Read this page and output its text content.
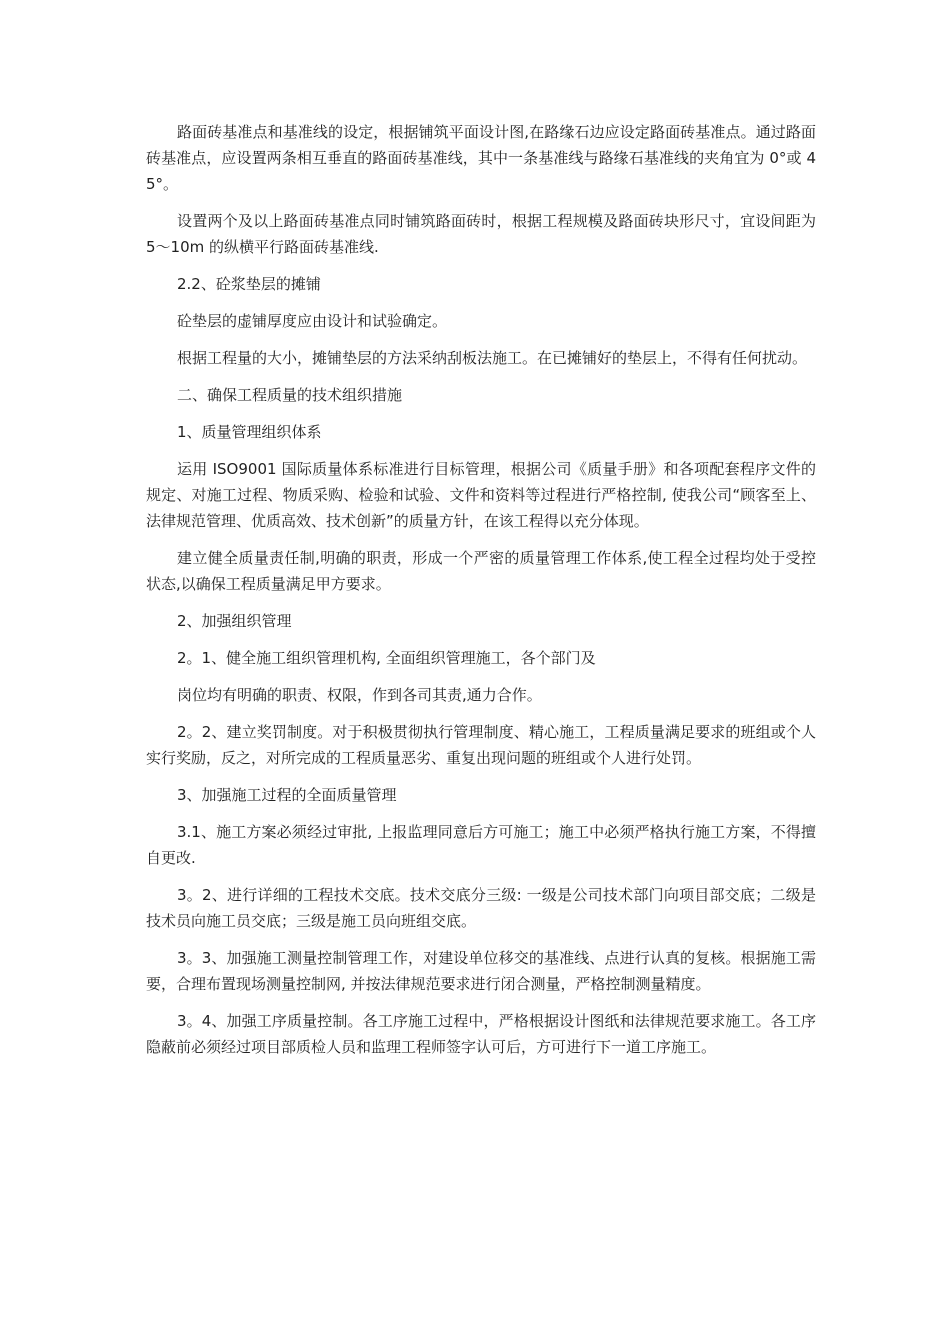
路面砖基准点和基准线的设定，根据铺筑平面设计图,在路缘石边应设定路面砖基准点。通过路面砖基准点，应设置两条相互垂直的路面砖基准线，其中一条基准线与路缘石基准线的夹角宜为 0°或 45°。

设置两个及以上路面砖基准点同时铺筑路面砖时，根据工程规模及路面砖块形尺寸，宜设间距为 5～10m 的纵横平行路面砖基准线.

2.2、砼浆垫层的摊铺

砼垫层的虚铺厚度应由设计和试验确定。

根据工程量的大小，摊铺垫层的方法采纳刮板法施工。在已摊铺好的垫层上，不得有任何扰动。

二、确保工程质量的技术组织措施

1、质量管理组织体系

运用 ISO9001 国际质量体系标准进行目标管理，根据公司《质量手册》和各项配套程序文件的规定、对施工过程、物质采购、检验和试验、文件和资料等过程进行严格控制, 使我公司“顾客至上、法律规范管理、优质高效、技术创新”的质量方针，在该工程得以充分体现。

建立健全质量责任制,明确的职责，形成一个严密的质量管理工作体系,使工程全过程均处于受控状态,以确保工程质量满足甲方要求。

2、加强组织管理

2。1、健全施工组织管理机构, 全面组织管理施工，各个部门及

岗位均有明确的职责、权限，作到各司其责,通力合作。

2。2、建立奖罚制度。对于积极贯彻执行管理制度、精心施工，工程质量满足要求的班组或个人实行奖励，反之，对所完成的工程质量恶劣、重复出现问题的班组或个人进行处罚。

3、加强施工过程的全面质量管理

3.1、施工方案必须经过审批, 上报监理同意后方可施工；施工中必须严格执行施工方案，不得擅自更改.

3。2、进行详细的工程技术交底。技术交底分三级: 一级是公司技术部门向项目部交底；二级是技术员向施工员交底；三级是施工员向班组交底。

3。3、加强施工测量控制管理工作，对建设单位移交的基准线、点进行认真的复核。根据施工需要，合理布置现场测量控制网, 并按法律规范要求进行闭合测量，严格控制测量精度。

3。4、加强工序质量控制。各工序施工过程中，严格根据设计图纸和法律规范要求施工。各工序隐蔽前必须经过项目部质检人员和监理工程师签字认可后，方可进行下一道工序施工。
